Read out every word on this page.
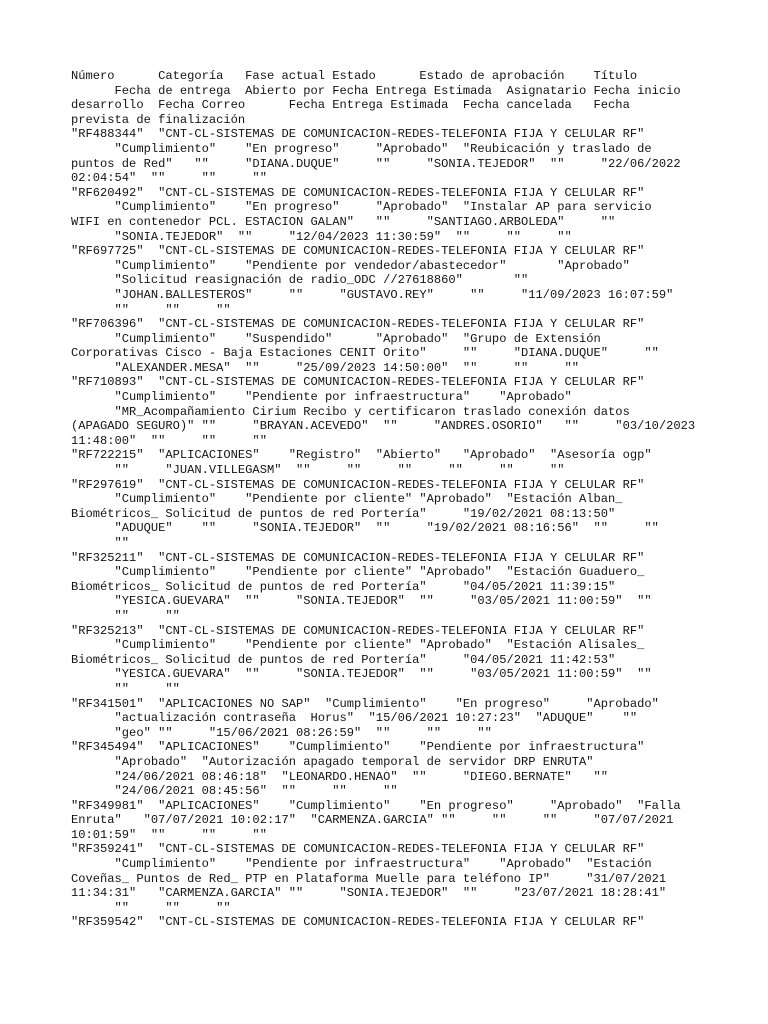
Número      Categoría   Fase actual Estado      Estado de aprobación    Título
Fecha de entrega  Abierto por Fecha Entrega Estimada  Asignatario Fecha inicio
desarrollo  Fecha Correo      Fecha Entrega Estimada  Fecha cancelada   Fecha
prevista de finalización
"RF488344"  "CNT-CL-SISTEMAS DE COMUNICACION-REDES-TELEFONIA FIJA Y CELULAR RF"
"Cumplimiento"    "En progreso"     "Aprobado"  "Reubicación y traslado de
puntos de Red"   ""     "DIANA.DUQUE"     ""     "SONIA.TEJEDOR"  ""     "22/06/2022
02:04:54"  ""     ""     ""
"RF620492"  "CNT-CL-SISTEMAS DE COMUNICACION-REDES-TELEFONIA FIJA Y CELULAR RF"
"Cumplimiento"    "En progreso"     "Aprobado"  "Instalar AP para servicio
WIFI en contenedor PCL. ESTACION GALAN"   ""     "SANTIAGO.ARBOLEDA"     ""
"SONIA.TEJEDOR"  ""     "12/04/2023 11:30:59"  ""     ""     ""
"RF697725"  "CNT-CL-SISTEMAS DE COMUNICACION-REDES-TELEFONIA FIJA Y CELULAR RF"
"Cumplimiento"    "Pendiente por vendedor/abastecedor"       "Aprobado"
"Solicitud reasignación de radio_ODC //27618860"       ""
"JOHAN.BALLESTEROS"     ""     "GUSTAVO.REY"     ""     "11/09/2023 16:07:59"
""     ""     ""
"RF706396"  "CNT-CL-SISTEMAS DE COMUNICACION-REDES-TELEFONIA FIJA Y CELULAR RF"
"Cumplimiento"    "Suspendido"      "Aprobado"  "Grupo de Extensión
Corporativas Cisco - Baja Estaciones CENIT Orito"     ""     "DIANA.DUQUE"     ""
"ALEXANDER.MESA"  ""     "25/09/2023 14:50:00"  ""     ""     ""
"RF710893"  "CNT-CL-SISTEMAS DE COMUNICACION-REDES-TELEFONIA FIJA Y CELULAR RF"
"Cumplimiento"    "Pendiente por infraestructura"    "Aprobado"
"MR_Acompañamiento Cirium Recibo y certificaron traslado conexión datos
(APAGADO SEGURO)" ""     "BRAYAN.ACEVEDO"  ""     "ANDRES.OSORIO"   ""     "03/10/2023
11:48:00"  ""     ""     ""
"RF722215"  "APLICACIONES"    "Registro"  "Abierto"   "Aprobado"  "Asesoría ogp"
""     "JUAN.VILLEGASM"  ""     ""     ""     ""     ""     ""
"RF297619"  "CNT-CL-SISTEMAS DE COMUNICACION-REDES-TELEFONIA FIJA Y CELULAR RF"
"Cumplimiento"    "Pendiente por cliente" "Aprobado"  "Estación Alban_
Biométricos_ Solicitud de puntos de red Portería"     "19/02/2021 08:13:50"
"ADUQUE"    ""     "SONIA.TEJEDOR"  ""     "19/02/2021 08:16:56"  ""     ""
""
"RF325211"  "CNT-CL-SISTEMAS DE COMUNICACION-REDES-TELEFONIA FIJA Y CELULAR RF"
"Cumplimiento"    "Pendiente por cliente" "Aprobado"  "Estación Guaduero_
Biométricos_ Solicitud de puntos de red Portería"     "04/05/2021 11:39:15"
"YESICA.GUEVARA"  ""     "SONIA.TEJEDOR"  ""     "03/05/2021 11:00:59"  ""
""     ""
"RF325213"  "CNT-CL-SISTEMAS DE COMUNICACION-REDES-TELEFONIA FIJA Y CELULAR RF"
"Cumplimiento"    "Pendiente por cliente" "Aprobado"  "Estación Alisales_
Biométricos_ Solicitud de puntos de red Portería"     "04/05/2021 11:42:53"
"YESICA.GUEVARA"  ""     "SONIA.TEJEDOR"  ""     "03/05/2021 11:00:59"  ""
""     ""
"RF341501"  "APLICACIONES NO SAP"  "Cumplimiento"    "En progreso"     "Aprobado"
"actualización contraseña  Horus"  "15/06/2021 10:27:23"  "ADUQUE"    ""
"geo" ""     "15/06/2021 08:26:59"  ""     ""     ""
"RF345494"  "APLICACIONES"    "Cumplimiento"    "Pendiente por infraestructura"
"Aprobado"  "Autorización apagado temporal de servidor DRP ENRUTA"
"24/06/2021 08:46:18"  "LEONARDO.HENAO"  ""     "DIEGO.BERNATE"   ""
"24/06/2021 08:45:56"  ""     ""     ""
"RF349981"  "APLICACIONES"    "Cumplimiento"    "En progreso"     "Aprobado"  "Falla
Enruta"   "07/07/2021 10:02:17"  "CARMENZA.GARCIA" ""     ""     ""     "07/07/2021
10:01:59"  ""     ""     ""
"RF359241"  "CNT-CL-SISTEMAS DE COMUNICACION-REDES-TELEFONIA FIJA Y CELULAR RF"
"Cumplimiento"    "Pendiente por infraestructura"    "Aprobado"  "Estación
Coveñas_ Puntos de Red_ PTP en Plataforma Muelle para teléfono IP"     "31/07/2021
11:34:31"   "CARMENZA.GARCIA" ""     "SONIA.TEJEDOR"  ""     "23/07/2021 18:28:41"
""     ""     ""
"RF359542"  "CNT-CL-SISTEMAS DE COMUNICACION-REDES-TELEFONIA FIJA Y CELULAR RF"
